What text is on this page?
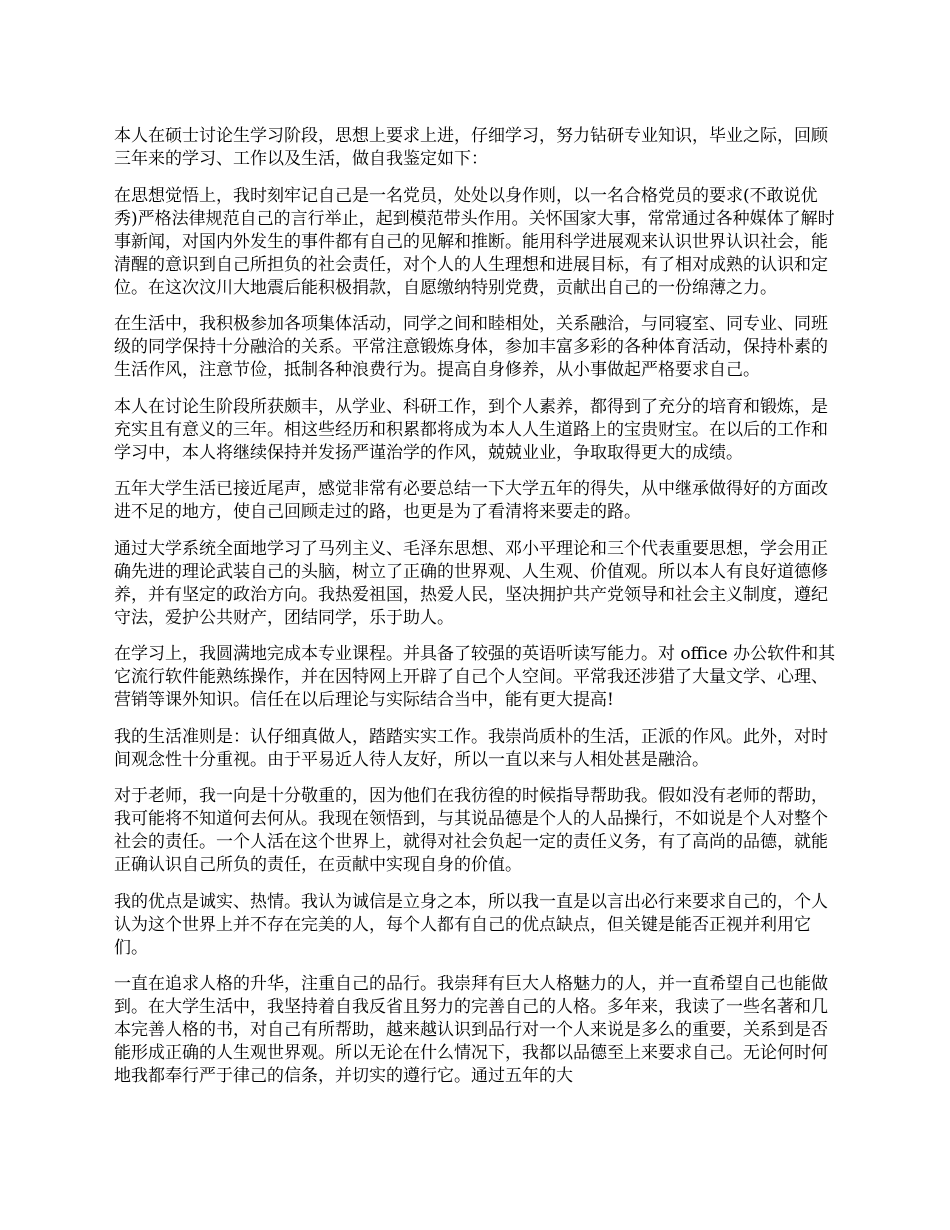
本人在硕士讨论生学习阶段，思想上要求上进，仔细学习，努力钻研专业知识，毕业之际，回顾三年来的学习、工作以及生活，做自我鉴定如下：

在思想觉悟上，我时刻牢记自己是一名党员，处处以身作则，以一名合格党员的要求(不敢说优秀)严格法律规范自己的言行举止，起到模范带头作用。关怀国家大事，常常通过各种媒体了解时事新闻，对国内外发生的事件都有自己的见解和推断。能用科学进展观来认识世界认识社会，能清醒的意识到自己所担负的社会责任，对个人的人生理想和进展目标，有了相对成熟的认识和定位。在这次汶川大地震后能积极捐款，自愿缴纳特别党费，贡献出自己的一份绵薄之力。

在生活中，我积极参加各项集体活动，同学之间和睦相处，关系融洽，与同寝室、同专业、同班级的同学保持十分融洽的关系。平常注意锻炼身体，参加丰富多彩的各种体育活动，保持朴素的生活作风，注意节俭，抵制各种浪费行为。提高自身修养，从小事做起严格要求自己。

本人在讨论生阶段所获颇丰，从学业、科研工作，到个人素养，都得到了充分的培育和锻炼，是充实且有意义的三年。相这些经历和积累都将成为本人人生道路上的宝贵财宝。在以后的工作和学习中，本人将继续保持并发扬严谨治学的作风，兢兢业业，争取取得更大的成绩。

五年大学生活已接近尾声，感觉非常有必要总结一下大学五年的得失，从中继承做得好的方面改进不足的地方，使自己回顾走过的路，也更是为了看清将来要走的路。

通过大学系统全面地学习了马列主义、毛泽东思想、邓小平理论和三个代表重要思想，学会用正确先进的理论武装自己的头脑，树立了正确的世界观、人生观、价值观。所以本人有良好道德修养，并有坚定的政治方向。我热爱祖国，热爱人民，坚决拥护共产党领导和社会主义制度，遵纪守法，爱护公共财产，团结同学，乐于助人。

在学习上，我圆满地完成本专业课程。并具备了较强的英语听读写能力。对 office 办公软件和其它流行软件能熟练操作，并在因特网上开辟了自己个人空间。平常我还涉猎了大量文学、心理、营销等课外知识。信任在以后理论与实际结合当中，能有更大提高!

我的生活准则是：认仔细真做人，踏踏实实工作。我崇尚质朴的生活，正派的作风。此外，对时间观念性十分重视。由于平易近人待人友好，所以一直以来与人相处甚是融洽。

对于老师，我一向是十分敬重的，因为他们在我彷徨的时候指导帮助我。假如没有老师的帮助，我可能将不知道何去何从。我现在领悟到，与其说品德是个人的人品操行，不如说是个人对整个社会的责任。一个人活在这个世界上，就得对社会负起一定的责任义务，有了高尚的品德，就能正确认识自己所负的责任，在贡献中实现自身的价值。

我的优点是诚实、热情。我认为诚信是立身之本，所以我一直是以言出必行来要求自己的，个人认为这个世界上并不存在完美的人，每个人都有自己的优点缺点，但关键是能否正视并利用它们。

一直在追求人格的升华，注重自己的品行。我崇拜有巨大人格魅力的人，并一直希望自己也能做到。在大学生活中，我坚持着自我反省且努力的完善自己的人格。多年来，我读了一些名著和几本完善人格的书，对自己有所帮助，越来越认识到品行对一个人来说是多么的重要，关系到是否能形成正确的人生观世界观。所以无论在什么情况下，我都以品德至上来要求自己。无论何时何地我都奉行严于律己的信条，并切实的遵行它。通过五年的大
